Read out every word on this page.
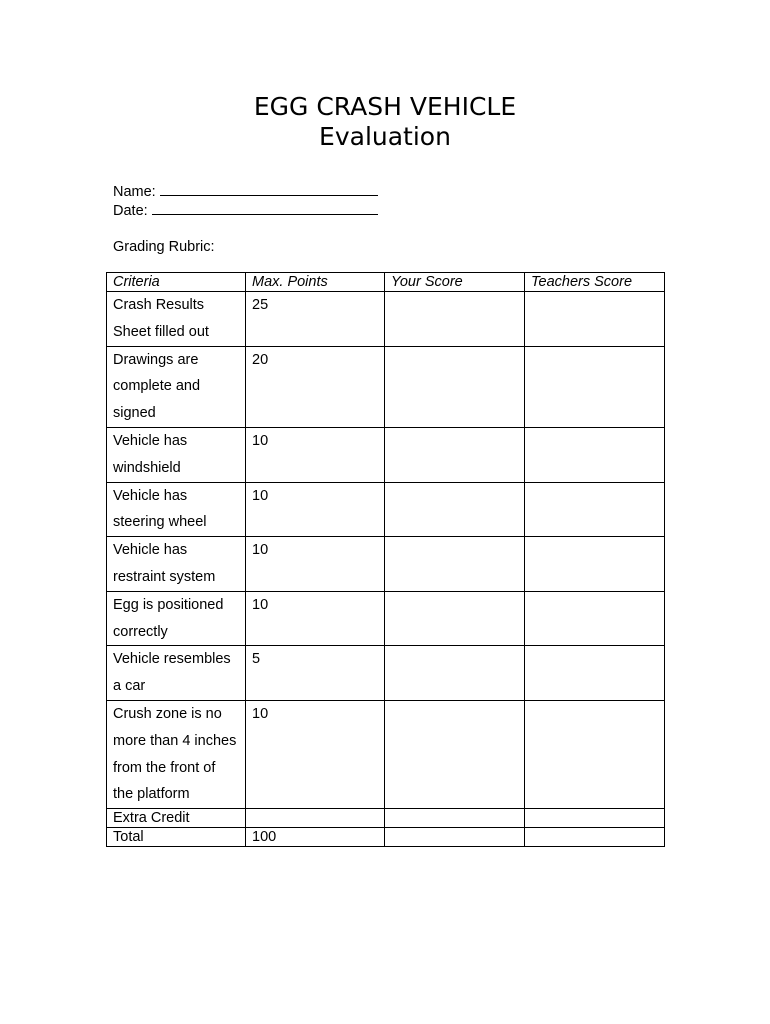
EGG CRASH VEHICLE
Evaluation
Name:
Date:
Grading Rubric:
Criteria	Max. Points	Your Score	Teachers Score
Crash Results Sheet filled out	25		
Drawings are complete and signed	20		
Vehicle has windshield	10		
Vehicle has steering wheel	10		
Vehicle has restraint system	10		
Egg is positioned correctly	10		
Vehicle resembles a car	5		
Crush zone is no more than 4 inches from the front of the platform	10		
Extra Credit			
Total	100		
